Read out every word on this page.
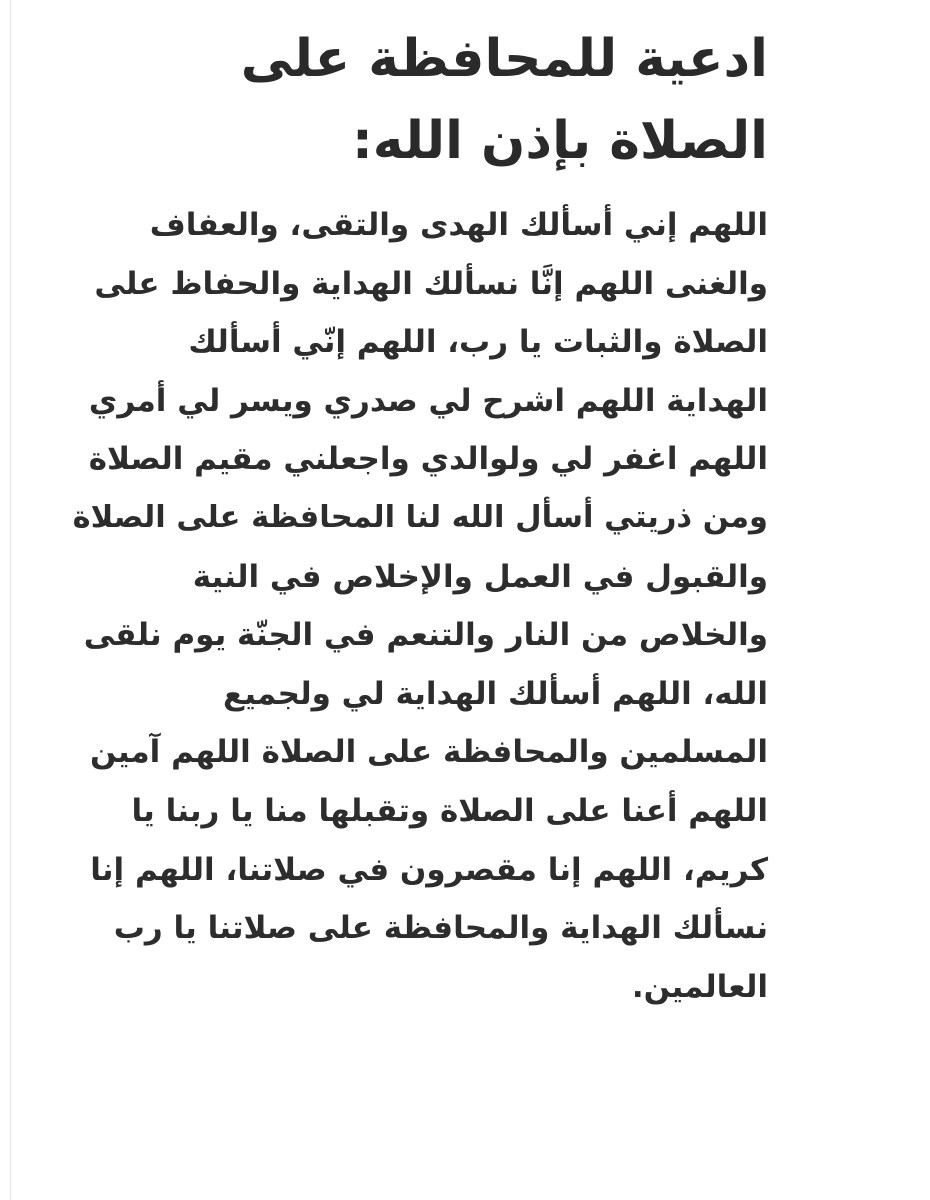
ادعية للمحافظة على
الصلاة بإذن الله:

اللهم إني أسألك الهدى والتقى، والعفاف
والغنى اللهم إنَّا نسألك الهداية والحفاظ على
الصلاة والثبات يا رب، اللهم إنّي أسألك
الهداية اللهم اشرح لي صدري ويسر لي أمري
اللهم اغفر لي ولوالدي واجعلني مقيم الصلاة
ومن ذريتي أسأل الله لنا المحافظة على الصلاة
والقبول في العمل والإخلاص في النية
والخلاص من النار والتنعم في الجنّة يوم نلقى
الله، اللهم أسألك الهداية لي ولجميع
المسلمين والمحافظة على الصلاة اللهم آمين
اللهم أعنا على الصلاة وتقبلها منا يا ربنا يا
كريم، اللهم إنا مقصرون في صلاتنا، اللهم إنا
نسألك الهداية والمحافظة على صلاتنا يا رب
العالمين.
